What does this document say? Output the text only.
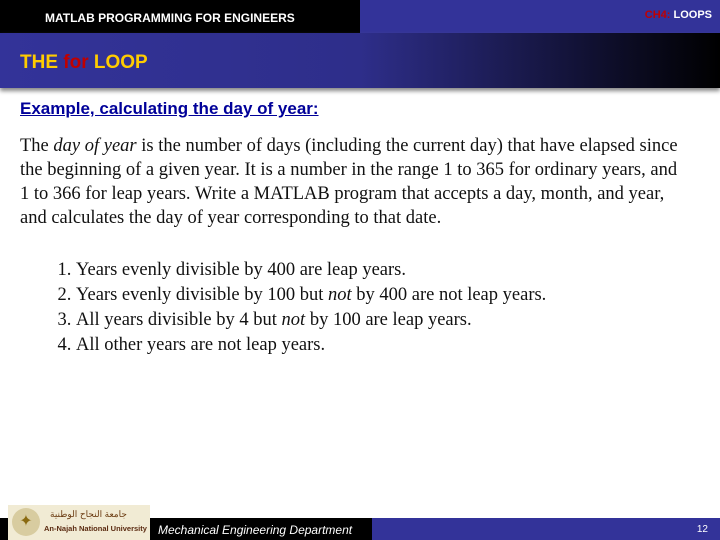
MATLAB PROGRAMMING FOR ENGINEERS	CH4: LOOPS
THE for LOOP
Example, calculating the day of year:
The day of year is the number of days (including the current day) that have elapsed since the beginning of a given year. It is a number in the range 1 to 365 for ordinary years, and 1 to 366 for leap years. Write a MATLAB program that accepts a day, month, and year, and calculates the day of year corresponding to that date.
1. Years evenly divisible by 400 are leap years.
2. Years evenly divisible by 100 but not by 400 are not leap years.
3. All years divisible by 4 but not by 100 are leap years.
4. All other years are not leap years.
✦	جامعة النجاح الوطنية
An-Najah National University Mechanical Engineering Department	12
